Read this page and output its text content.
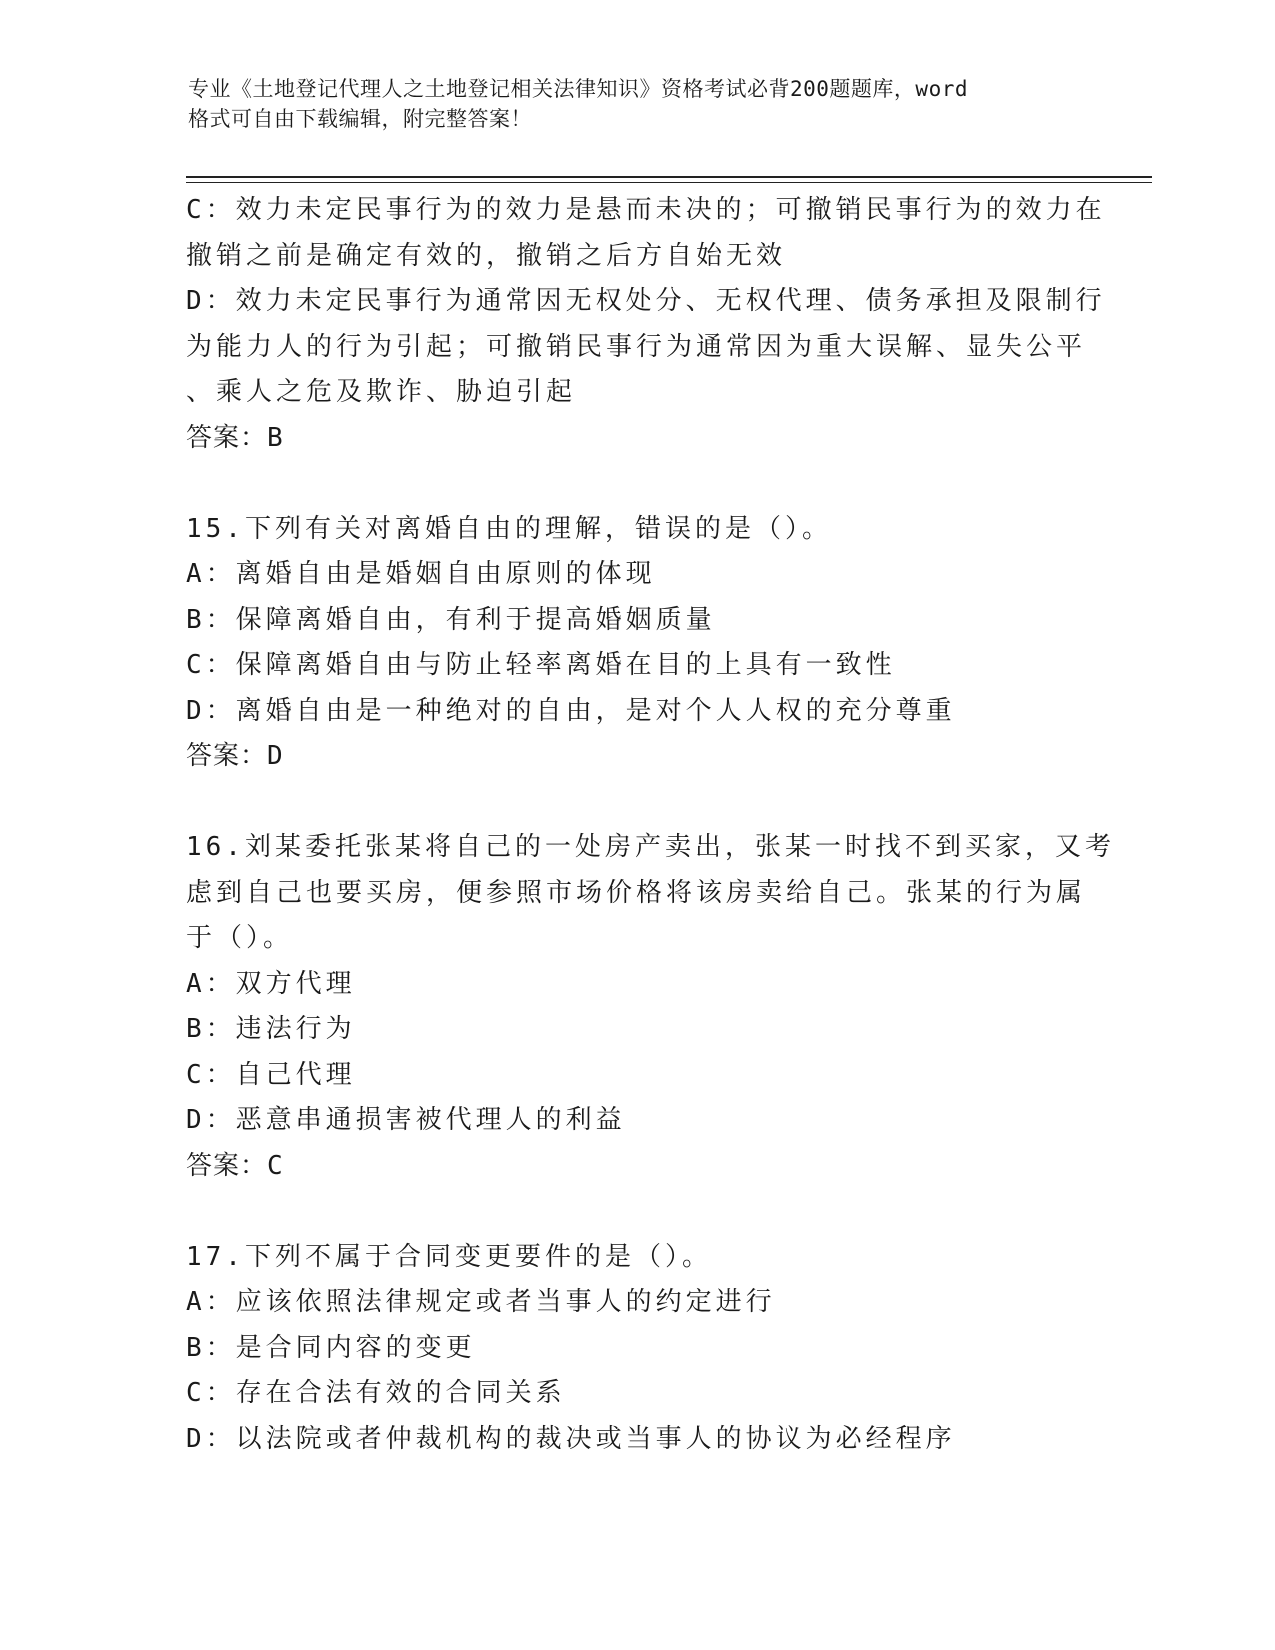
专业《土地登记代理人之土地登记相关法律知识》资格考试必背200题题库，word
格式可自由下载编辑，附完整答案！
C：效力未定民事行为的效力是悬而未决的；可撤销民事行为的效力在
撤销之前是确定有效的，撤销之后方自始无效
D：效力未定民事行为通常因无权处分、无权代理、债务承担及限制行
为能力人的行为引起；可撤销民事行为通常因为重大误解、显失公平
、乘人之危及欺诈、胁迫引起
答案：B
15.下列有关对离婚自由的理解，错误的是（）。
A：离婚自由是婚姻自由原则的体现
B：保障离婚自由，有利于提高婚姻质量
C：保障离婚自由与防止轻率离婚在目的上具有一致性
D：离婚自由是一种绝对的自由，是对个人人权的充分尊重
答案：D
16.刘某委托张某将自己的一处房产卖出，张某一时找不到买家，又考
虑到自己也要买房，便参照市场价格将该房卖给自己。张某的行为属
于（）。
A：双方代理
B：违法行为
C：自己代理
D：恶意串通损害被代理人的利益
答案：C
17.下列不属于合同变更要件的是（）。
A：应该依照法律规定或者当事人的约定进行
B：是合同内容的变更
C：存在合法有效的合同关系
D：以法院或者仲裁机构的裁决或当事人的协议为必经程序
